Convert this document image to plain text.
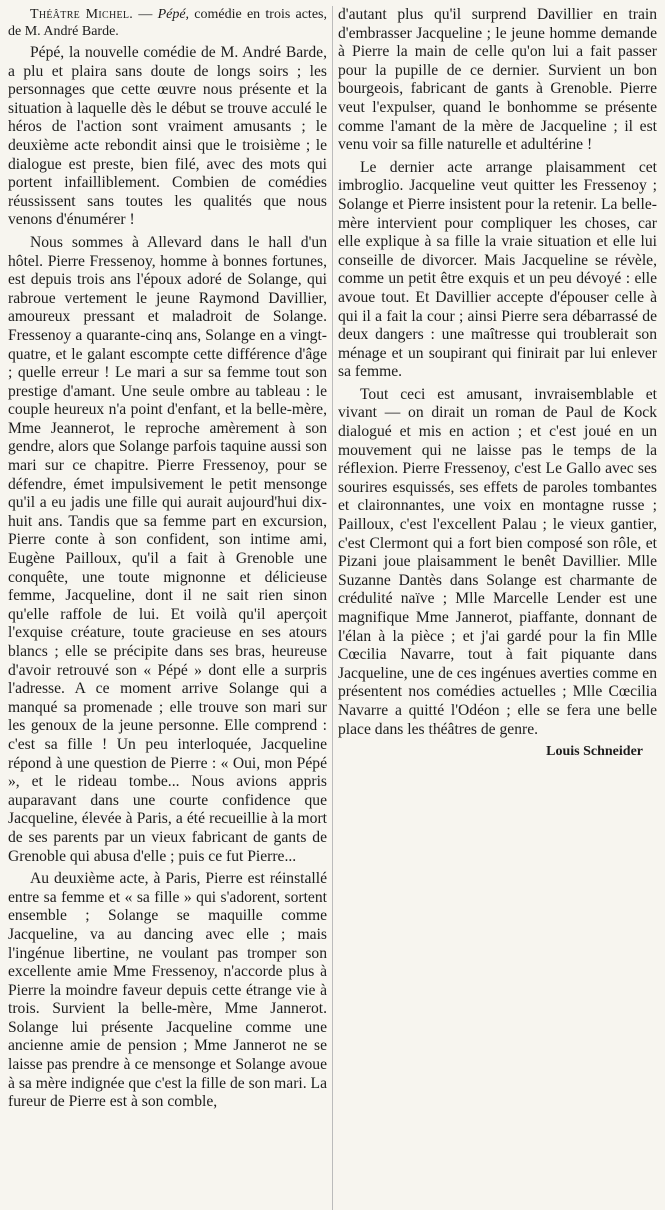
Théâtre Michel. — Pépé, comédie en trois actes, de M. André Barde.

Pépé, la nouvelle comédie de M. André Barde, a plu et plaira sans doute de longs soirs ; les personnages que cette œuvre nous présente et la situation à laquelle dès le début se trouve acculé le héros de l'action sont vraiment amusants ; le deuxième acte rebondit ainsi que le troisième ; le dialogue est preste, bien filé, avec des mots qui portent infailliblement. Combien de comédies réussissent sans toutes les qualités que nous venons d'énumérer !

Nous sommes à Allevard dans le hall d'un hôtel. Pierre Fressenoy, homme à bonnes fortunes, est depuis trois ans l'époux adoré de Solange, qui rabroue vertement le jeune Raymond Davillier, amoureux pressant et maladroit de Solange. Fressenoy a quarante-cinq ans, Solange en a vingt-quatre, et le galant escompte cette différence d'âge ; quelle erreur ! Le mari a sur sa femme tout son prestige d'amant. Une seule ombre au tableau : le couple heureux n'a point d'enfant, et la belle-mère, Mme Jeannerot, le reproche amèrement à son gendre, alors que Solange parfois taquine aussi son mari sur ce chapitre. Pierre Fressenoy, pour se défendre, émet impulsivement le petit mensonge qu'il a eu jadis une fille qui aurait aujourd'hui dix-huit ans. Tandis que sa femme part en excursion, Pierre conte à son confident, son intime ami, Eugène Pailloux, qu'il a fait à Grenoble une conquête, une toute mignonne et délicieuse femme, Jacqueline, dont il ne sait rien sinon qu'elle raffole de lui. Et voilà qu'il aperçoit l'exquise créature, toute gracieuse en ses atours blancs ; elle se précipite dans ses bras, heureuse d'avoir retrouvé son « Pépé » dont elle a surpris l'adresse. A ce moment arrive Solange qui a manqué sa promenade ; elle trouve son mari sur les genoux de la jeune personne. Elle comprend : c'est sa fille ! Un peu interloquée, Jacqueline répond à une question de Pierre : « Oui, mon Pépé », et le rideau tombe... Nous avions appris auparavant dans une courte confidence que Jacqueline, élevée à Paris, a été recueillie à la mort de ses parents par un vieux fabricant de gants de Grenoble qui abusa d'elle ; puis ce fut Pierre...

Au deuxième acte, à Paris, Pierre est réinstallé entre sa femme et « sa fille » qui s'adorent, sortent ensemble ; Solange se maquille comme Jacqueline, va au dancing avec elle ; mais l'ingénue libertine, ne voulant pas tromper son excellente amie Mme Fressenoy, n'accorde plus à Pierre la moindre faveur depuis cette étrange vie à trois. Survient la belle-mère, Mme Jannerot. Solange lui présente Jacqueline comme une ancienne amie de pension ; Mme Jannerot ne se laisse pas prendre à ce mensonge et Solange avoue à sa mère indignée que c'est la fille de son mari. La fureur de Pierre est à son comble,

d'autant plus qu'il surprend Davillier en train d'embrasser Jacqueline ; le jeune homme demande à Pierre la main de celle qu'on lui a fait passer pour la pupille de ce dernier. Survient un bon bourgeois, fabricant de gants à Grenoble. Pierre veut l'expulser, quand le bonhomme se présente comme l'amant de la mère de Jacqueline ; il est venu voir sa fille naturelle et adultérine !

Le dernier acte arrange plaisamment cet imbroglio. Jacqueline veut quitter les Fressenoy ; Solange et Pierre insistent pour la retenir. La belle-mère intervient pour compliquer les choses, car elle explique à sa fille la vraie situation et elle lui conseille de divorcer. Mais Jacqueline se révèle, comme un petit être exquis et un peu dévoyé : elle avoue tout. Et Davillier accepte d'épouser celle à qui il a fait la cour ; ainsi Pierre sera débarrassé de deux dangers : une maîtresse qui troublerait son ménage et un soupirant qui finirait par lui enlever sa femme.

Tout ceci est amusant, invraisemblable et vivant — on dirait un roman de Paul de Kock dialogué et mis en action ; et c'est joué en un mouvement qui ne laisse pas le temps de la réflexion. Pierre Fressenoy, c'est Le Gallo avec ses sourires esquissés, ses effets de paroles tombantes et claironnantes, une voix en montagne russe ; Pailloux, c'est l'excellent Palau ; le vieux gantier, c'est Clermont qui a fort bien composé son rôle, et Pizani joue plaisamment le benêt Davillier. Mlle Suzanne Dantès dans Solange est charmante de crédulité naïve ; Mlle Marcelle Lender est une magnifique Mme Jannerot, piaffante, donnant de l'élan à la pièce ; et j'ai gardé pour la fin Mlle Cœcilia Navarre, tout à fait piquante dans Jacqueline, une de ces ingénues averties comme en présentent nos comédies actuelles ; Mlle Cœcilia Navarre a quitté l'Odéon ; elle se fera une belle place dans les théâtres de genre.

Louis Schneider
